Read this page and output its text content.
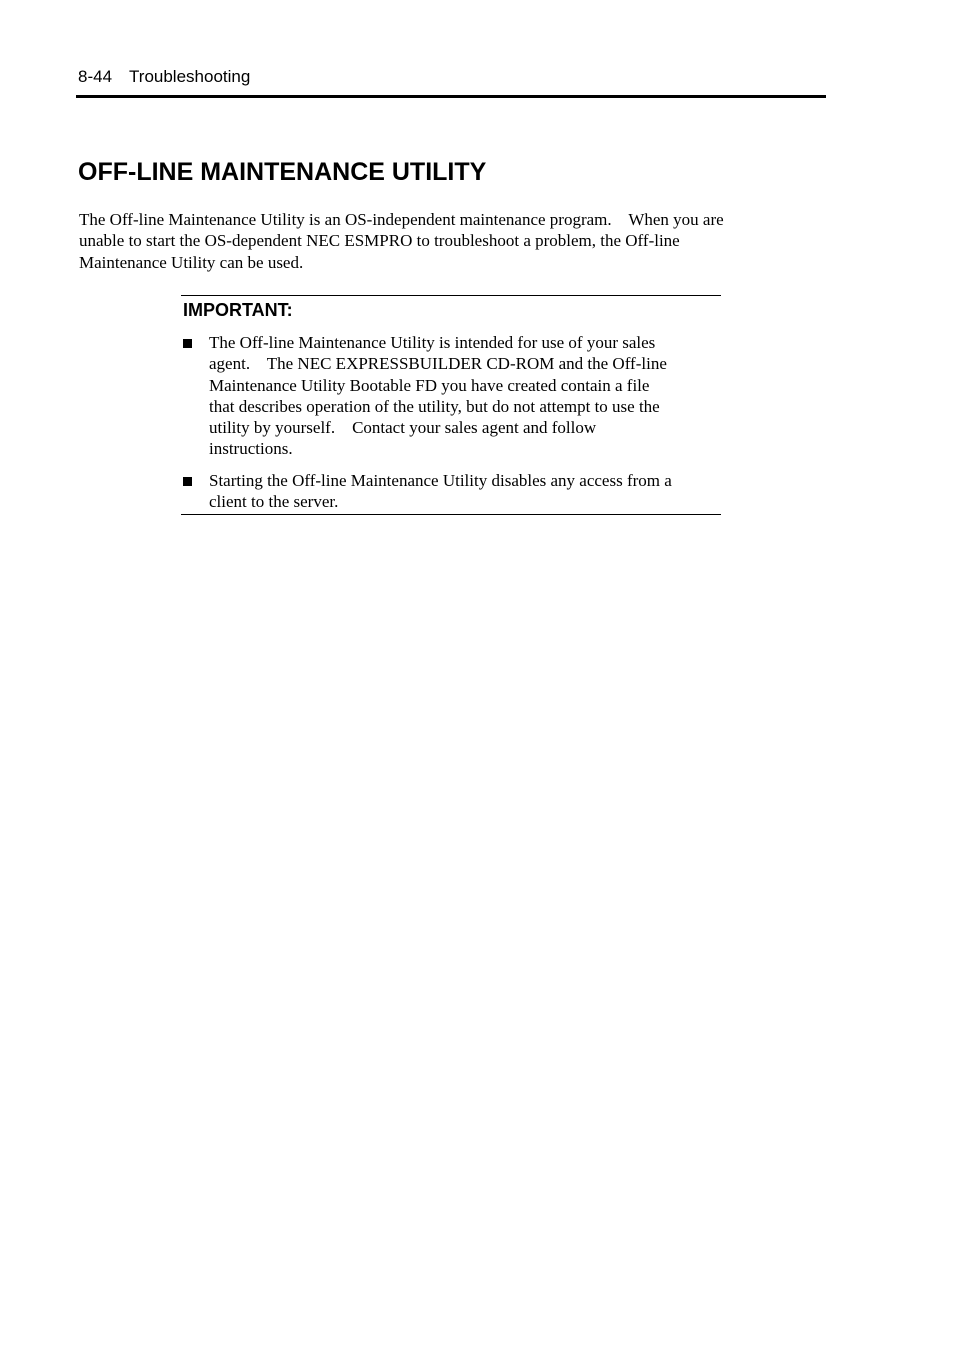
8-44 Troubleshooting
OFF-LINE MAINTENANCE UTILITY

The Off-line Maintenance Utility is an OS-independent maintenance program.    When you are
unable to start the OS-dependent NEC ESMPRO to troubleshoot a problem, the Off-line
Maintenance Utility can be used.

IMPORTANT:
The Off-line Maintenance Utility is intended for use of your sales
agent.    The NEC EXPRESSBUILDER CD-ROM and the Off-line
Maintenance Utility Bootable FD you have created contain a file
that describes operation of the utility, but do not attempt to use the
utility by yourself.    Contact your sales agent and follow
instructions.
Starting the Off-line Maintenance Utility disables any access from a
client to the server.
